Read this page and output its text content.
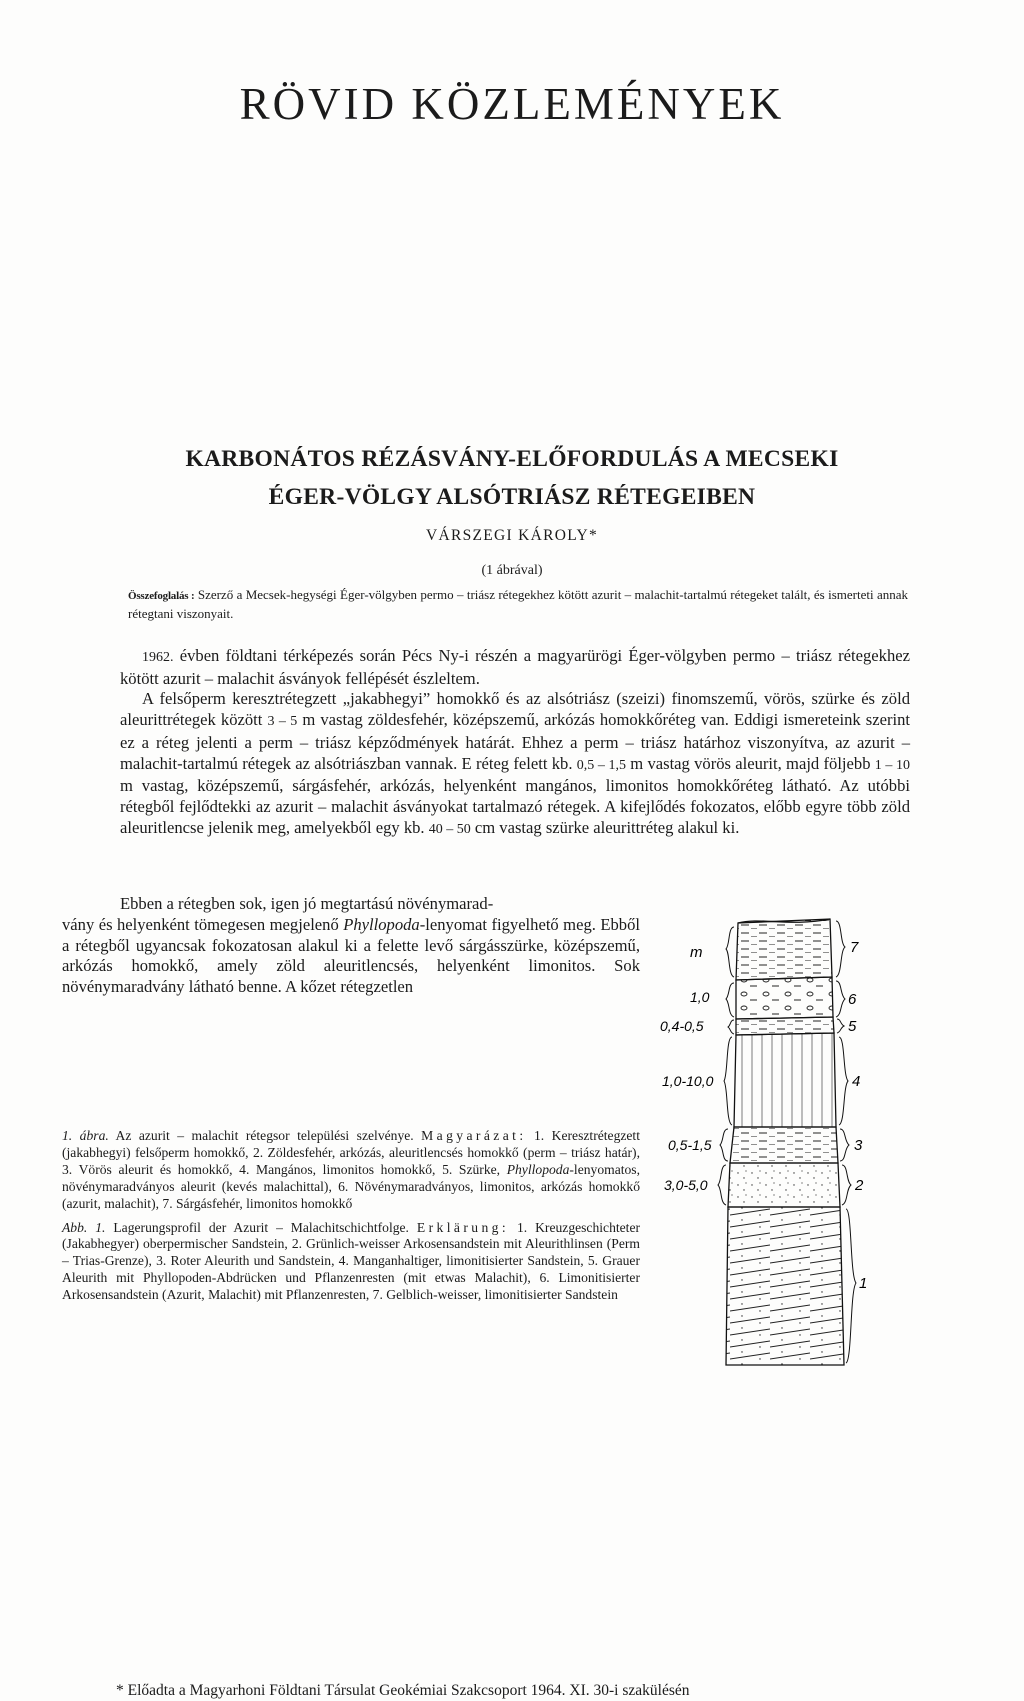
RÖVID KÖZLEMÉNYEK
KARBONÁTOS RÉZÁSVÁNY-ELŐFORDULÁS A MECSEKI
ÉGER-VÖLGY ALSÓTRIÁSZ RÉTEGEIBEN
VÁRSZEGI KÁROLY*
(1 ábrával)
Összefoglalás : Szerző a Mecsek-hegységi Éger-völgyben permo – triász rétegekhez kötött azurit – malachit-tartalmú rétegeket talált, és ismerteti annak rétegtani viszonyait.

1962. évben földtani térképezés során Pécs Ny-i részén a magyarürögi Éger-völgyben permo – triász rétegekhez kötött azurit – malachit ásványok fellépését észleltem.

A felsőperm keresztrétegzett „jakabhegyi” homokkő és az alsótriász (szeizi) finomszemű, vörös, szürke és zöld aleurittrétegek között 3 – 5 m vastag zöldesfehér, középszemű, arkózás homokkőréteg van. Eddigi ismereteink szerint ez a réteg jelenti a perm – triász képződmények határát. Ehhez a perm – triász határhoz viszonyítva, az azurit – malachit-tartalmú rétegek az alsótriászban vannak. E réteg felett kb. 0,5 – 1,5 m vastag vörös aleurit, majd följebb 1 – 10 m vastag, középszemű, sárgásfehér, arkózás, helyenként mangános, limonitos homokkőréteg látható. Az utóbbi rétegből fejlődtekki az azurit – malachit ásványokat tartalmazó rétegek. A kifejlődés fokozatos, előbb egyre több zöld aleuritlencse jelenik meg, amelyekből egy kb. 40 – 50 cm vastag szürke aleurittréteg alakul ki.

Ebben a rétegben sok, igen jó megtartású növénymarad-

vány és helyenként tömegesen megjelenő Phyllopoda-lenyomat figyelhető meg. Ebből a rétegből ugyancsak fokozatosan alakul ki a felette levő sárgásszürke, középszemű, arkózás homokkő, amely zöld aleuritlencsés, helyenként limonitos. Sok növénymaradvány látható benne. A kőzet rétegzetlen

1. ábra. Az azurit – malachit rétegsor települési szelvénye. Magyarázat: 1. Keresztrétegzett (jakabhegyi) felsőperm homokkő, 2. Zöldesfehér, arkózás, aleuritlencsés homokkő (perm – triász határ), 3. Vörös aleurit és homokkő, 4. Mangános, limonitos homokkő, 5. Szürke, Phyllopoda-lenyomatos, növénymaradványos aleurit (kevés malachittal), 6. Növénymaradványos, limonitos, arkózás homokkő (azurit, malachit), 7. Sárgásfehér, limonitos homokkő

Abb. 1. Lagerungsprofil der Azurit – Malachitschichtfolge. Erklärung: 1. Kreuzgeschichteter (Jakabhegyer) oberpermischer Sandstein, 2. Grünlich-weisser Arkosensandstein mit Aleurithlinsen (Perm – Trias-Grenze), 3. Roter Aleurith und Sandstein, 4. Manganhaltiger, limonitisierter Sandstein, 5. Grauer Aleurith mit Phyllopoden-Abdrücken und Pflanzenresten (mit etwas Malachit), 6. Limonitisierter Arkosensandstein (Azurit, Malachit) mit Pflanzenresten, 7. Gelblich-weisser, limonitisierter Sandstein

m
1,0
0,4-0,5
1,0-10,0
0,5-1,5
3,0-5,0
7
6
5
4
3
2
1
* Előadta a Magyarhoni Földtani Társulat Geokémiai Szakcsoport 1964. XI. 30-i szakülésén
